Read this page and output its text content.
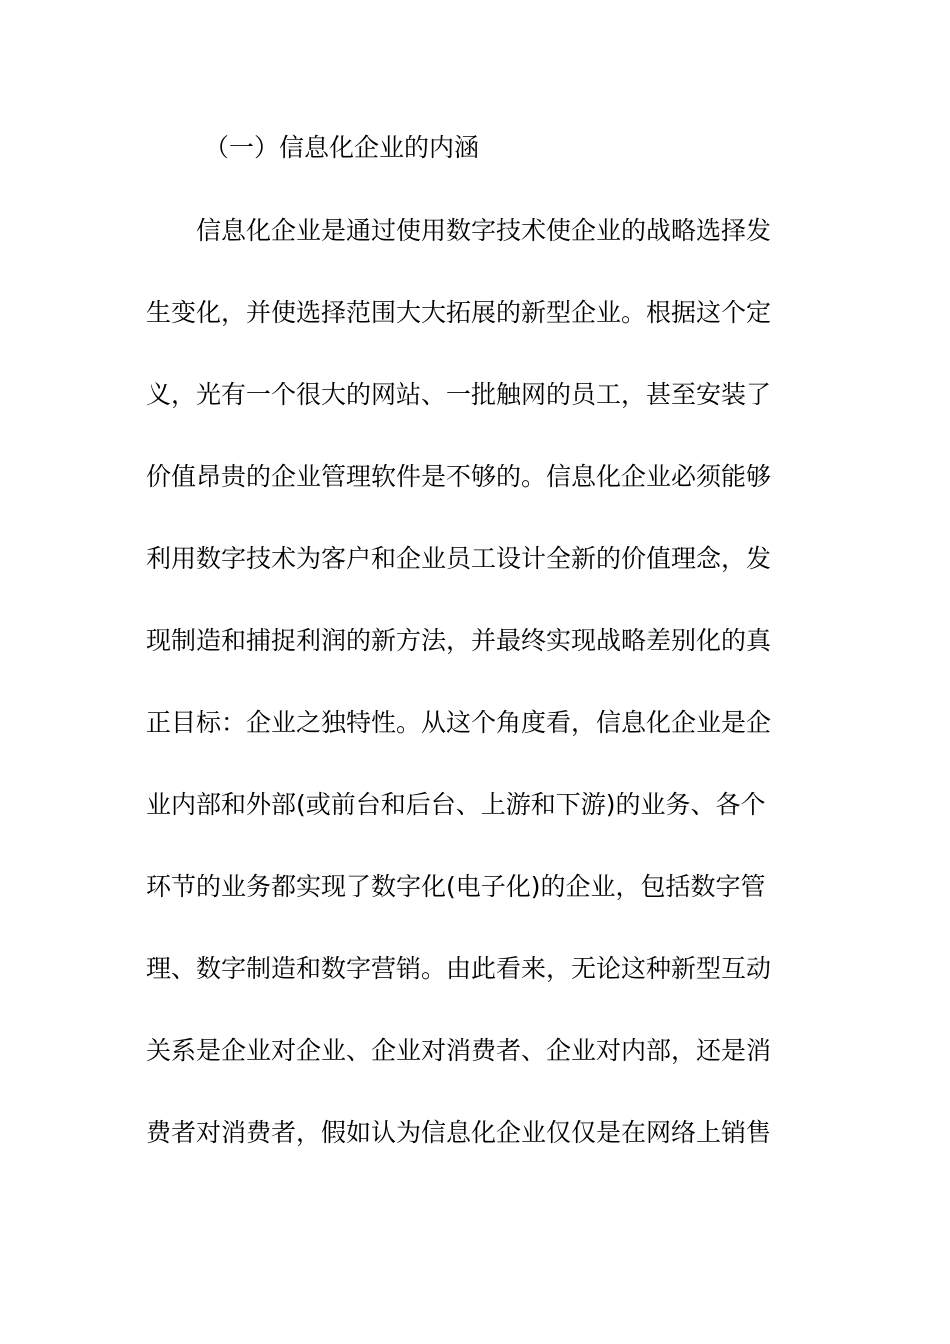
（一）信息化企业的内涵
信息化企业是通过使用数字技术使企业的战略选择发
生变化，并使选择范围大大拓展的新型企业。根据这个定
义，光有一个很大的网站、一批触网的员工，甚至安装了
价值昂贵的企业管理软件是不够的。信息化企业必须能够
利用数字技术为客户和企业员工设计全新的价值理念，发
现制造和捕捉利润的新方法，并最终实现战略差别化的真
正目标：企业之独特性。从这个角度看，信息化企业是企
业内部和外部(或前台和后台、上游和下游)的业务、各个
环节的业务都实现了数字化(电子化)的企业，包括数字管
理、数字制造和数字营销。由此看来，无论这种新型互动
关系是企业对企业、企业对消费者、企业对内部，还是消
费者对消费者，假如认为信息化企业仅仅是在网络上销售
